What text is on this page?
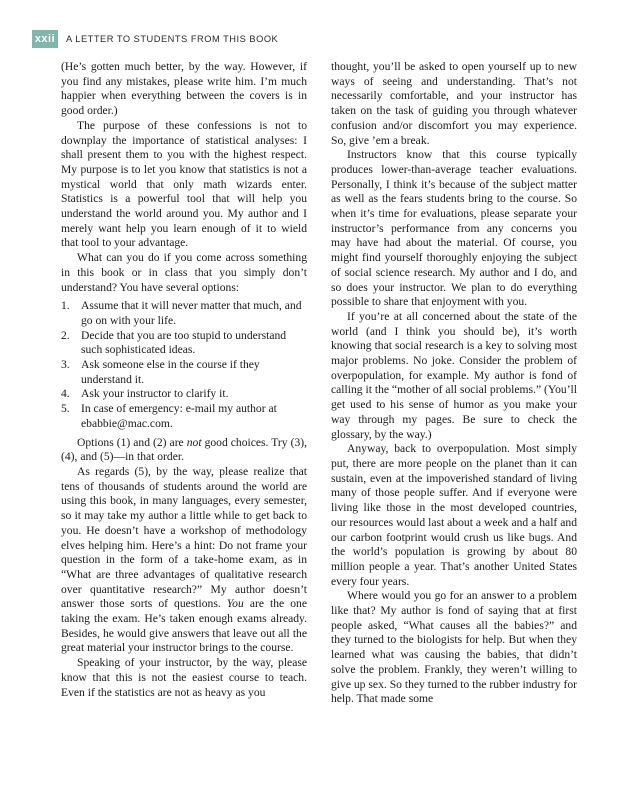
xxii	A LETTER TO STUDENTS FROM THIS BOOK

(He’s gotten much better, by the way. However, if you find any mistakes, please write him. I’m much happier when everything between the covers is in good order.)

The purpose of these confessions is not to downplay the importance of statistical analyses: I shall present them to you with the highest respect. My purpose is to let you know that statistics is not a mystical world that only math wizards enter. Statistics is a powerful tool that will help you understand the world around you. My author and I merely want help you learn enough of it to wield that tool to your advantage.

What can you do if you come across something in this book or in class that you simply don’t understand? You have several options:

1. Assume that it will never matter that much, and go on with your life.
2. Decide that you are too stupid to understand such sophisticated ideas.
3. Ask someone else in the course if they understand it.
4. Ask your instructor to clarify it.
5. In case of emergency: e-mail my author at ebabbie@mac.com.

Options (1) and (2) are not good choices. Try (3), (4), and (5)—in that order.

As regards (5), by the way, please realize that tens of thousands of students around the world are using this book, in many languages, every semester, so it may take my author a little while to get back to you. He doesn’t have a workshop of methodology elves helping him. Here’s a hint: Do not frame your question in the form of a take-home exam, as in “What are three advantages of qualitative research over quantitative research?” My author doesn’t answer those sorts of questions. You are the one taking the exam. He’s taken enough exams already. Besides, he would give answers that leave out all the great material your instructor brings to the course.

Speaking of your instructor, by the way, please know that this is not the easiest course to teach. Even if the statistics are not as heavy as you

thought, you’ll be asked to open yourself up to new ways of seeing and understanding. That’s not necessarily comfortable, and your instructor has taken on the task of guiding you through whatever confusion and/or discomfort you may experience. So, give ’em a break.

Instructors know that this course typically produces lower-than-average teacher evaluations. Personally, I think it’s because of the subject matter as well as the fears students bring to the course. So when it’s time for evaluations, please separate your instructor’s performance from any concerns you may have had about the material. Of course, you might find yourself thoroughly enjoying the subject of social science research. My author and I do, and so does your instructor. We plan to do everything possible to share that enjoyment with you.

If you’re at all concerned about the state of the world (and I think you should be), it’s worth knowing that social research is a key to solving most major problems. No joke. Consider the problem of overpopulation, for example. My author is fond of calling it the “mother of all social problems.” (You’ll get used to his sense of humor as you make your way through my pages. Be sure to check the glossary, by the way.)

Anyway, back to overpopulation. Most simply put, there are more people on the planet than it can sustain, even at the impoverished standard of living many of those people suffer. And if everyone were living like those in the most developed countries, our resources would last about a week and a half and our carbon footprint would crush us like bugs. And the world’s population is growing by about 80 million people a year. That’s another United States every four years.

Where would you go for an answer to a problem like that? My author is fond of saying that at first people asked, “What causes all the babies?” and they turned to the biologists for help. But when they learned what was causing the babies, that didn’t solve the problem. Frankly, they weren’t willing to give up sex. So they turned to the rubber industry for help. That made some
